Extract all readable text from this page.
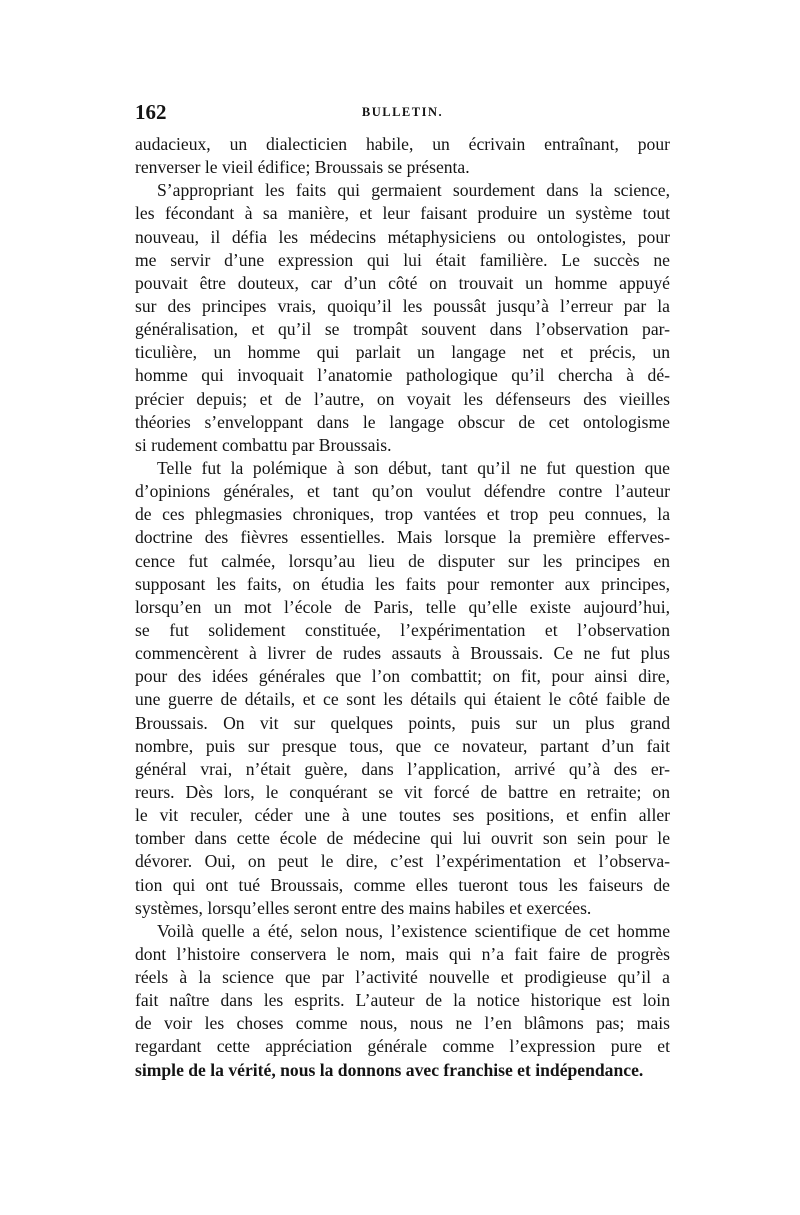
162	BULLETIN.
audacieux, un dialecticien habile, un écrivain entraînant, pour
renverser le vieil édifice; Broussais se présenta.
S’appropriant les faits qui germaient sourdement dans la science,
les fécondant à sa manière, et leur faisant produire un système tout
nouveau, il défia les médecins métaphysiciens ou ontologistes, pour
me servir d’une expression qui lui était familière. Le succès ne
pouvait être douteux, car d’un côté on trouvait un homme appuyé
sur des principes vrais, quoiqu’il les poussât jusqu’à l’erreur par la
généralisation, et qu’il se trompât souvent dans l’observation par-
ticulière, un homme qui parlait un langage net et précis, un
homme qui invoquait l’anatomie pathologique qu’il chercha à dé-
précier depuis; et de l’autre, on voyait les défenseurs des vieilles
théories s’enveloppant dans le langage obscur de cet ontologisme
si rudement combattu par Broussais.
Telle fut la polémique à son début, tant qu’il ne fut question que
d’opinions générales, et tant qu’on voulut défendre contre l’auteur
de ces phlegmasies chroniques, trop vantées et trop peu connues, la
doctrine des fièvres essentielles. Mais lorsque la première efferves-
cence fut calmée, lorsqu’au lieu de disputer sur les principes en
supposant les faits, on étudia les faits pour remonter aux principes,
lorsqu’en un mot l’école de Paris, telle qu’elle existe aujourd’hui,
se fut solidement constituée, l’expérimentation et l’observation
commencèrent à livrer de rudes assauts à Broussais. Ce ne fut plus
pour des idées générales que l’on combattit; on fit, pour ainsi dire,
une guerre de détails, et ce sont les détails qui étaient le côté faible de
Broussais. On vit sur quelques points, puis sur un plus grand
nombre, puis sur presque tous, que ce novateur, partant d’un fait
général vrai, n’était guère, dans l’application, arrivé qu’à des er-
reurs. Dès lors, le conquérant se vit forcé de battre en retraite; on
le vit reculer, céder une à une toutes ses positions, et enfin aller
tomber dans cette école de médecine qui lui ouvrit son sein pour le
dévorer. Oui, on peut le dire, c’est l’expérimentation et l’observa-
tion qui ont tué Broussais, comme elles tueront tous les faiseurs de
systèmes, lorsqu’elles seront entre des mains habiles et exercées.
Voilà quelle a été, selon nous, l’existence scientifique de cet homme
dont l’histoire conservera le nom, mais qui n’a fait faire de progrès
réels à la science que par l’activité nouvelle et prodigieuse qu’il a
fait naître dans les esprits. L’auteur de la notice historique est loin
de voir les choses comme nous, nous ne l’en blâmons pas; mais
regardant cette appréciation générale comme l’expression pure et
simple de la vérité, nous la donnons avec franchise et indépendance.
